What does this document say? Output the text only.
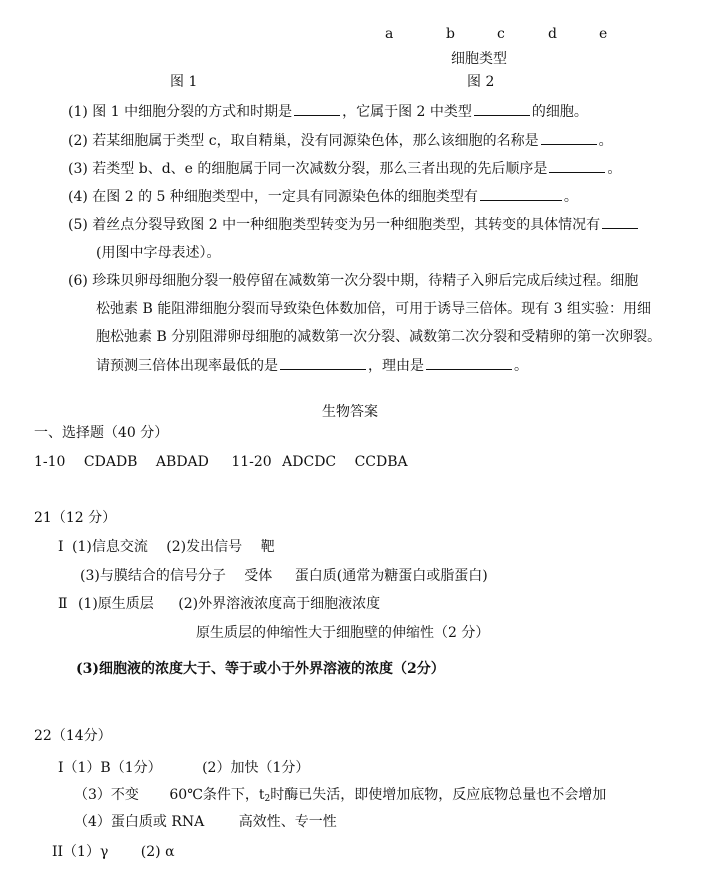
a	b	c	d	e
细胞类型
图 1	图 2
(1) 图 1 中细胞分裂的方式和时期是	，它属于图 2 中类型	的细胞。
(2) 若某细胞属于类型 c，取自精巢，没有同源染色体，那么该细胞的名称是	。
(3) 若类型 b、d、e 的细胞属于同一次减数分裂，那么三者出现的先后顺序是	。
(4) 在图 2 的 5 种细胞类型中，一定具有同源染色体的细胞类型有	。
(5) 着丝点分裂导致图 2 中一种细胞类型转变为另一种细胞类型，其转变的具体情况有
(用图中字母表述）。
(6) 珍珠贝卵母细胞分裂一般停留在减数第一次分裂中期，待精子入卵后完成后续过程。细胞
松弛素 B 能阻滞细胞分裂而导致染色体数加倍，可用于诱导三倍体。现有 3 组实验：用细
胞松弛素 B 分别阻滞卵母细胞的减数第一次分裂、减数第二次分裂和受精卵的第一次卵裂。
请预测三倍体出现率最低的是	，理由是	。
生物答案
一、选择题（40 分）
1-10 CDADB ABDAD 11-20 ADCDC CCDBA
21（12 分）
Ⅰ (1)信息交流 (2)发出信号 靶
(3)与膜结合的信号分子 受体 蛋白质(通常为糖蛋白或脂蛋白)
Ⅱ (1)原生质层 (2)外界溶液浓度高于细胞液浓度
原生质层的伸缩性大于细胞壁的伸缩性（2 分）
(3)细胞液的浓度大于、等于或小于外界溶液的浓度（2分）
22（14分）
Ⅰ（1）B（1分）	(2）加快（1分）
（3）不变 60℃条件下，$t_2$时酶已失活，即使增加底物，反应底物总量也不会增加
（4）蛋白质或 RNA 高效性、专一性
II（1）γ (2) α
